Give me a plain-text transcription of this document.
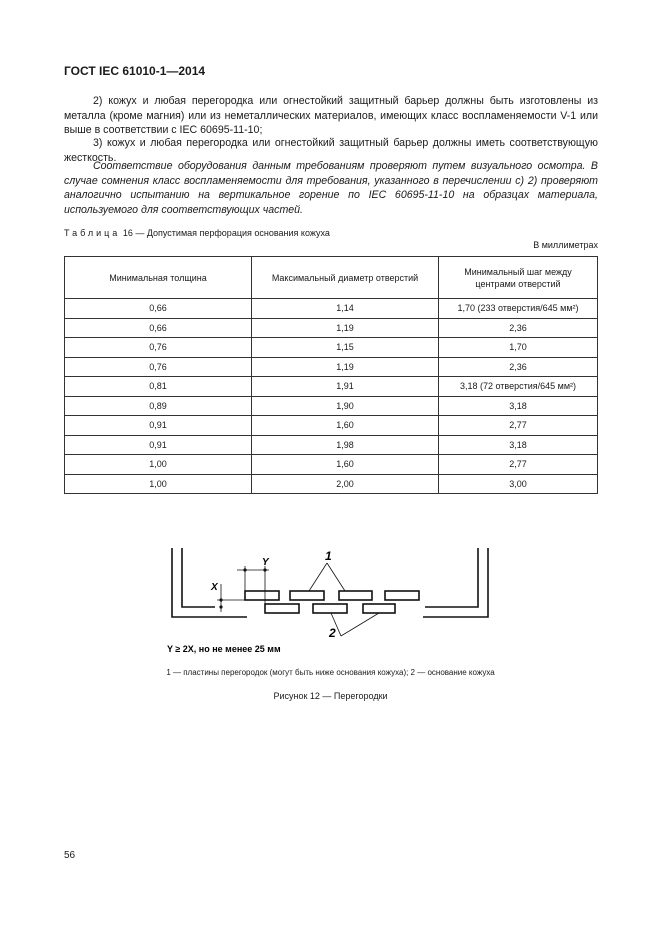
ГОСТ IEC 61010-1—2014
2) кожух и любая перегородка или огнестойкий защитный барьер должны быть изготовлены из металла (кроме магния) или из неметаллических материалов, имеющих класс воспламеняемости V-1 или выше в соответствии с IEC 60695-11-10;
3) кожух и любая перегородка или огнестойкий защитный барьер должны иметь соответствующую жесткость.
Соответствие оборудования данным требованиям проверяют путем визуального осмотра. В случае сомнения класс воспламеняемости для требования, указанного в перечислении с) 2) проверяют аналогично испытанию на вертикальное горение по IEC 60695-11-10 на образцах материала, используемого для соответствующих частей.
Таблица 16 — Допустимая перфорация основания кожуха
В миллиметрах
Минимальная толщина	Максимальный диаметр отверстий	Минимальный шаг между центрами отверстий
0,66	1,14	1,70 (233 отверстия/645 мм²)
0,66	1,19	2,36
0,76	1,15	1,70
0,76	1,19	2,36
0,81	1,91	3,18 (72 отверстия/645 мм²)
0,89	1,90	3,18
0,91	1,60	2,77
0,91	1,98	3,18
1,00	1,60	2,77
1,00	2,00	3,00
X
Y	1
2
Y ≥ 2X, но не менее 25 мм
1 — пластины перегородок (могут быть ниже основания кожуха); 2 — основание кожуха
Рисунок 12 — Перегородки
56
